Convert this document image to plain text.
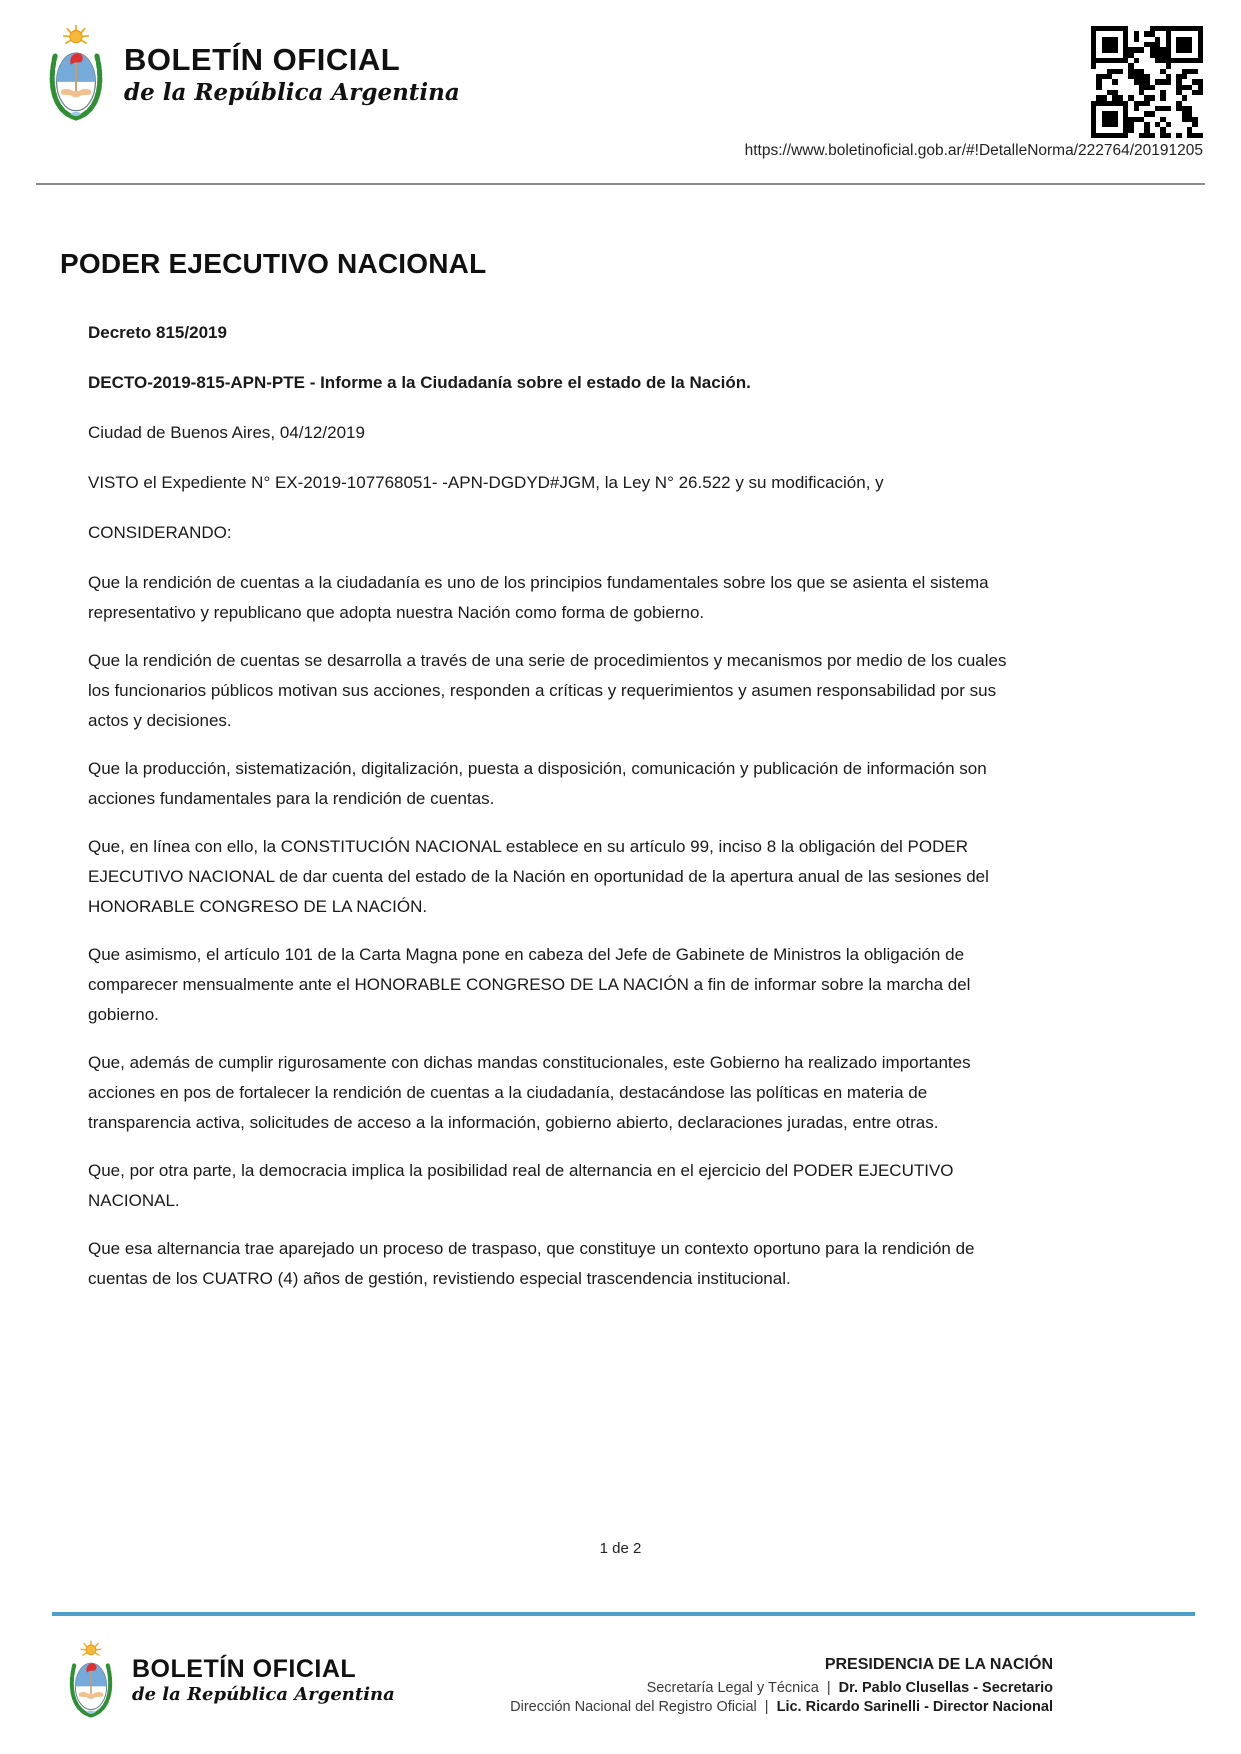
BOLETÍN OFICIAL
de la República Argentina
https://www.boletinoficial.gob.ar/#!DetalleNorma/222764/20191205
PODER EJECUTIVO NACIONAL
Decreto 815/2019
DECTO-2019-815-APN-PTE - Informe a la Ciudadanía sobre el estado de la Nación.
Ciudad de Buenos Aires, 04/12/2019
VISTO el Expediente N° EX-2019-107768051- -APN-DGDYD#JGM, la Ley N° 26.522 y su modificación, y
CONSIDERANDO:

Que la rendición de cuentas a la ciudadanía es uno de los principios fundamentales sobre los que se asienta el sistema representativo y republicano que adopta nuestra Nación como forma de gobierno.

Que la rendición de cuentas se desarrolla a través de una serie de procedimientos y mecanismos por medio de los cuales los funcionarios públicos motivan sus acciones, responden a críticas y requerimientos y asumen responsabilidad por sus actos y decisiones.

Que la producción, sistematización, digitalización, puesta a disposición, comunicación y publicación de información son acciones fundamentales para la rendición de cuentas.

Que, en línea con ello, la CONSTITUCIÓN NACIONAL establece en su artículo 99, inciso 8 la obligación del PODER EJECUTIVO NACIONAL de dar cuenta del estado de la Nación en oportunidad de la apertura anual de las sesiones del HONORABLE CONGRESO DE LA NACIÓN.

Que asimismo, el artículo 101 de la Carta Magna pone en cabeza del Jefe de Gabinete de Ministros la obligación de comparecer mensualmente ante el HONORABLE CONGRESO DE LA NACIÓN a fin de informar sobre la marcha del gobierno.

Que, además de cumplir rigurosamente con dichas mandas constitucionales, este Gobierno ha realizado importantes acciones en pos de fortalecer la rendición de cuentas a la ciudadanía, destacándose las políticas en materia de transparencia activa, solicitudes de acceso a la información, gobierno abierto, declaraciones juradas, entre otras.

Que, por otra parte, la democracia implica la posibilidad real de alternancia en el ejercicio del PODER EJECUTIVO NACIONAL.

Que esa alternancia trae aparejado un proceso de traspaso, que constituye un contexto oportuno para la rendición de cuentas de los CUATRO (4) años de gestión, revistiendo especial trascendencia institucional.

1 de 2
BOLETÍN OFICIAL
de la República Argentina
PRESIDENCIA DE LA NACIÓN
Secretaría Legal y Técnica | Dr. Pablo Clusellas - Secretario
Dirección Nacional del Registro Oficial | Lic. Ricardo Sarinelli - Director Nacional
